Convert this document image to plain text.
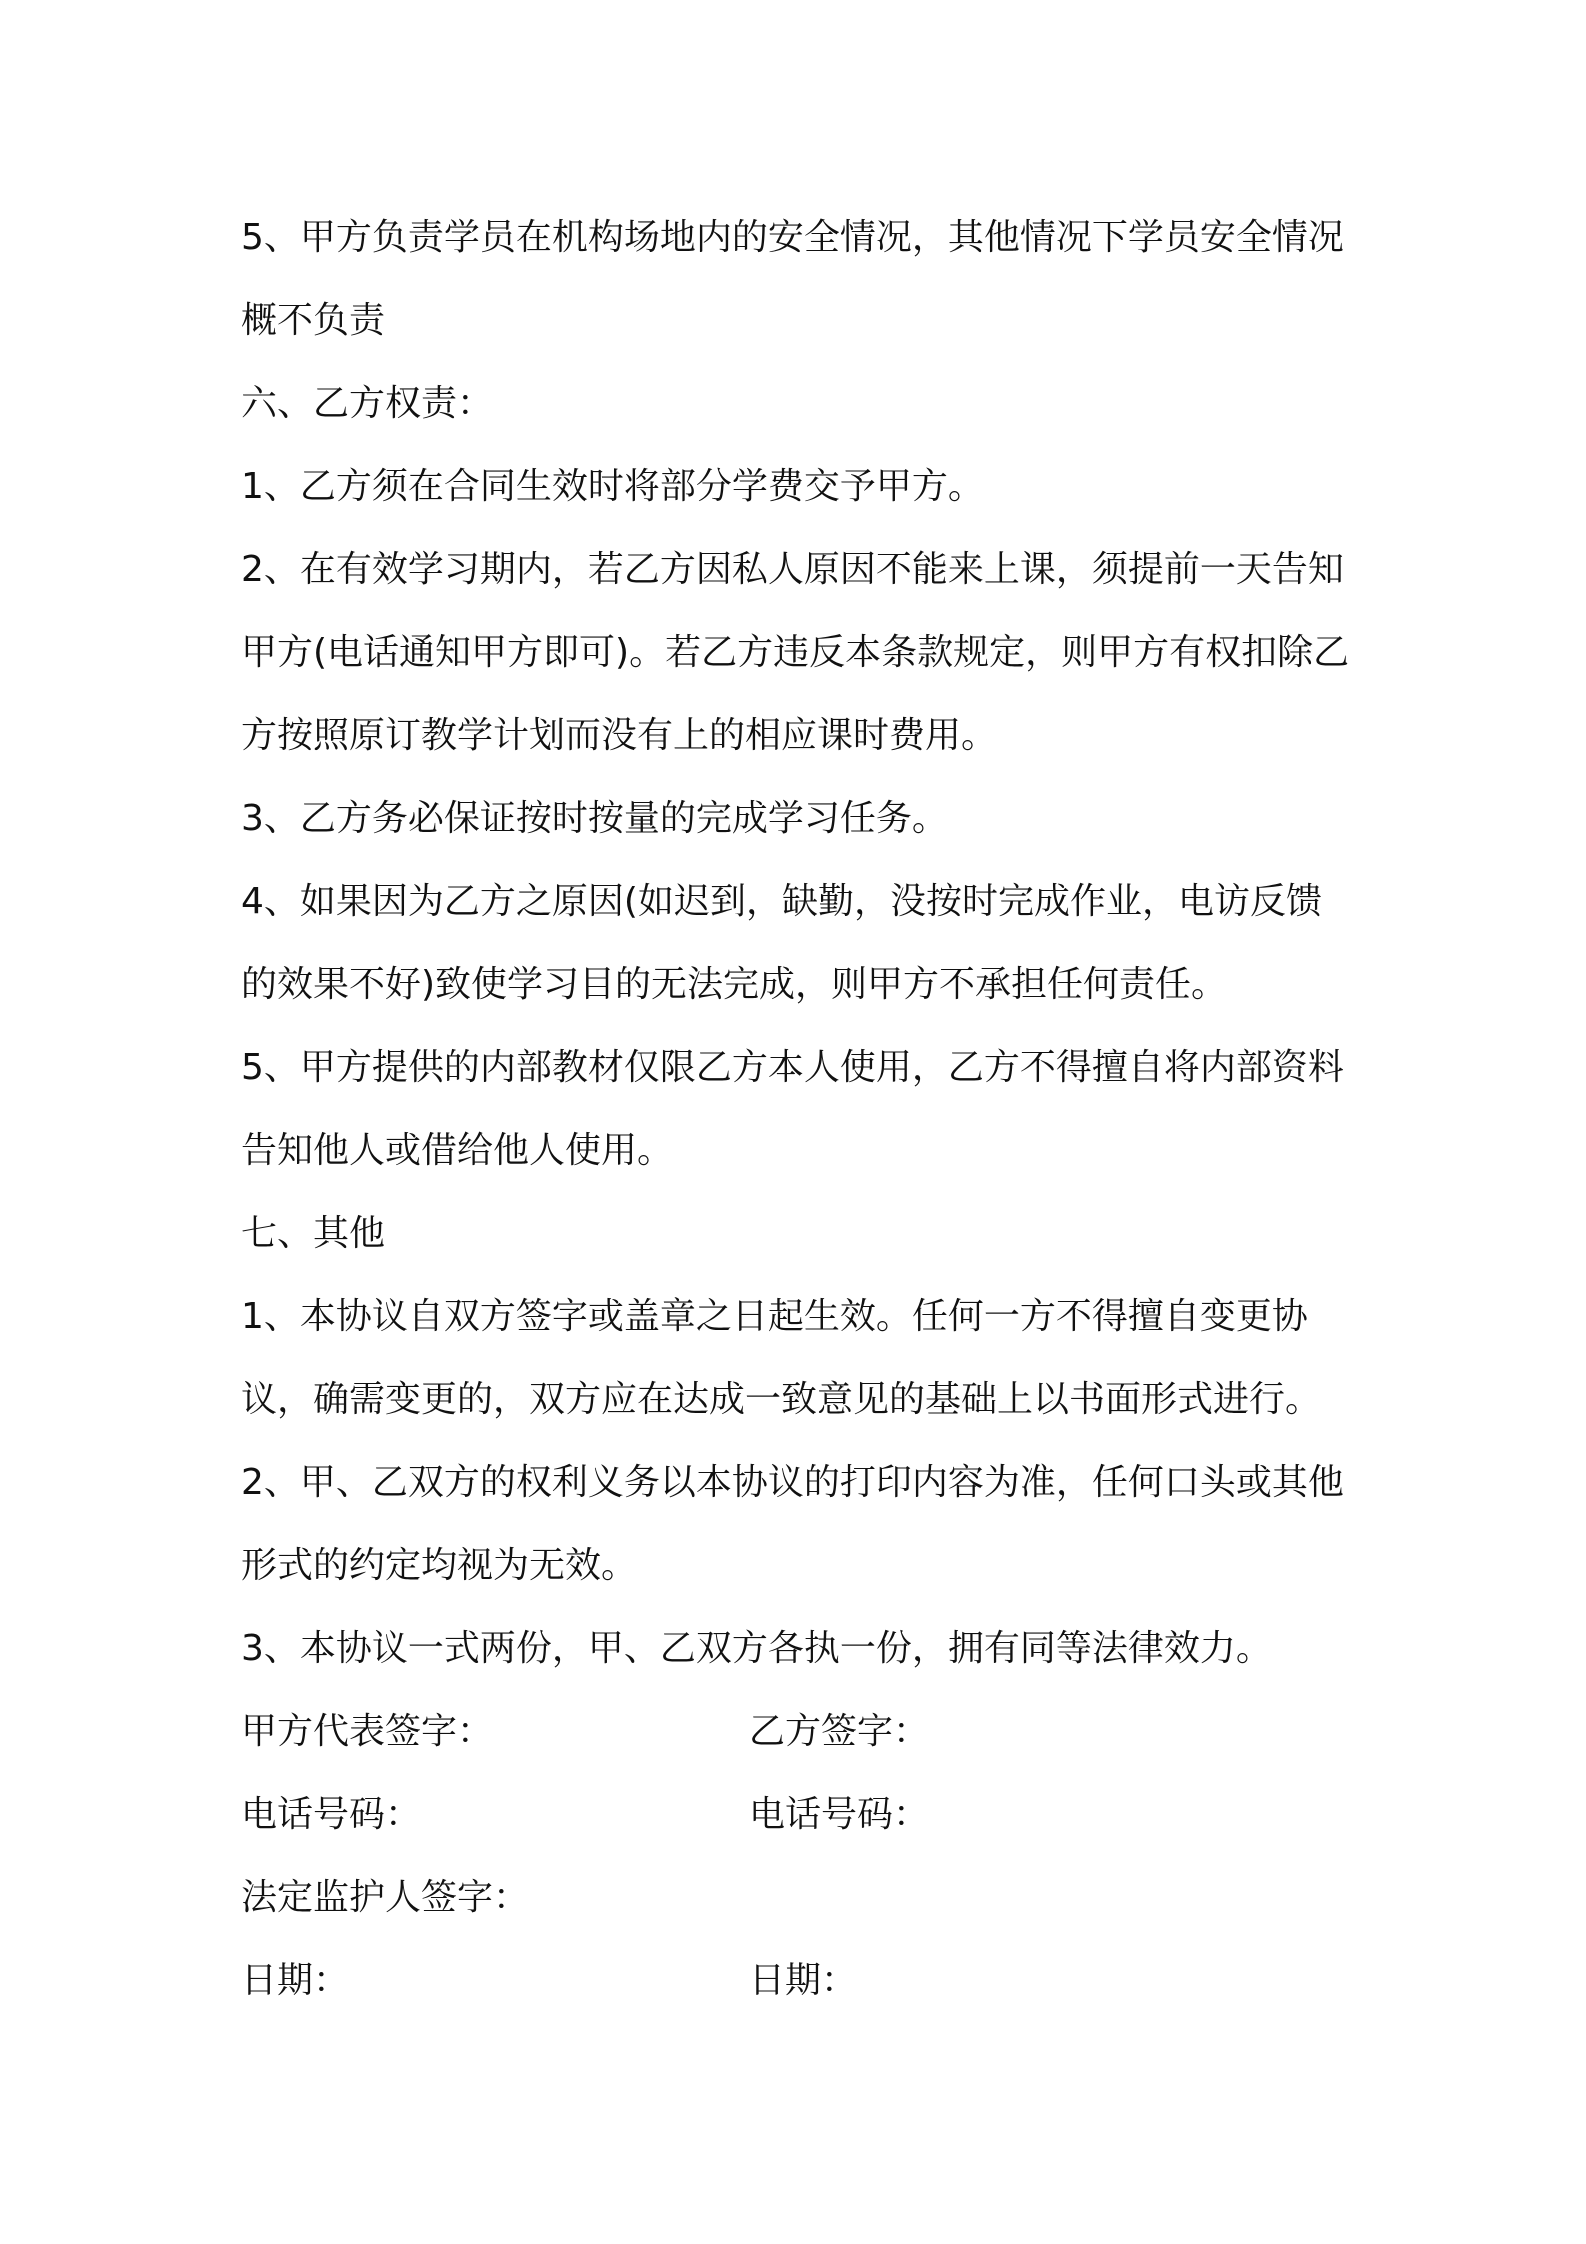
5、甲方负责学员在机构场地内的安全情况，其他情况下学员安全情况概不负责

六、乙方权责：

1、乙方须在合同生效时将部分学费交予甲方。

2、在有效学习期内，若乙方因私人原因不能来上课，须提前一天告知甲方(电话通知甲方即可)。若乙方违反本条款规定，则甲方有权扣除乙方按照原订教学计划而没有上的相应课时费用。

3、乙方务必保证按时按量的完成学习任务。

4、如果因为乙方之原因(如迟到，缺勤，没按时完成作业，电访反馈的效果不好)致使学习目的无法完成，则甲方不承担任何责任。

5、甲方提供的内部教材仅限乙方本人使用，乙方不得擅自将内部资料告知他人或借给他人使用。

七、其他

1、本协议自双方签字或盖章之日起生效。任何一方不得擅自变更协议，确需变更的，双方应在达成一致意见的基础上以书面形式进行。

2、甲、乙双方的权利义务以本协议的打印内容为准，任何口头或其他形式的约定均视为无效。

3、本协议一式两份，甲、乙双方各执一份，拥有同等法律效力。

甲方代表签字：	乙方签字：
电话号码：	电话号码：
法定监护人签字：
日期：	日期：
